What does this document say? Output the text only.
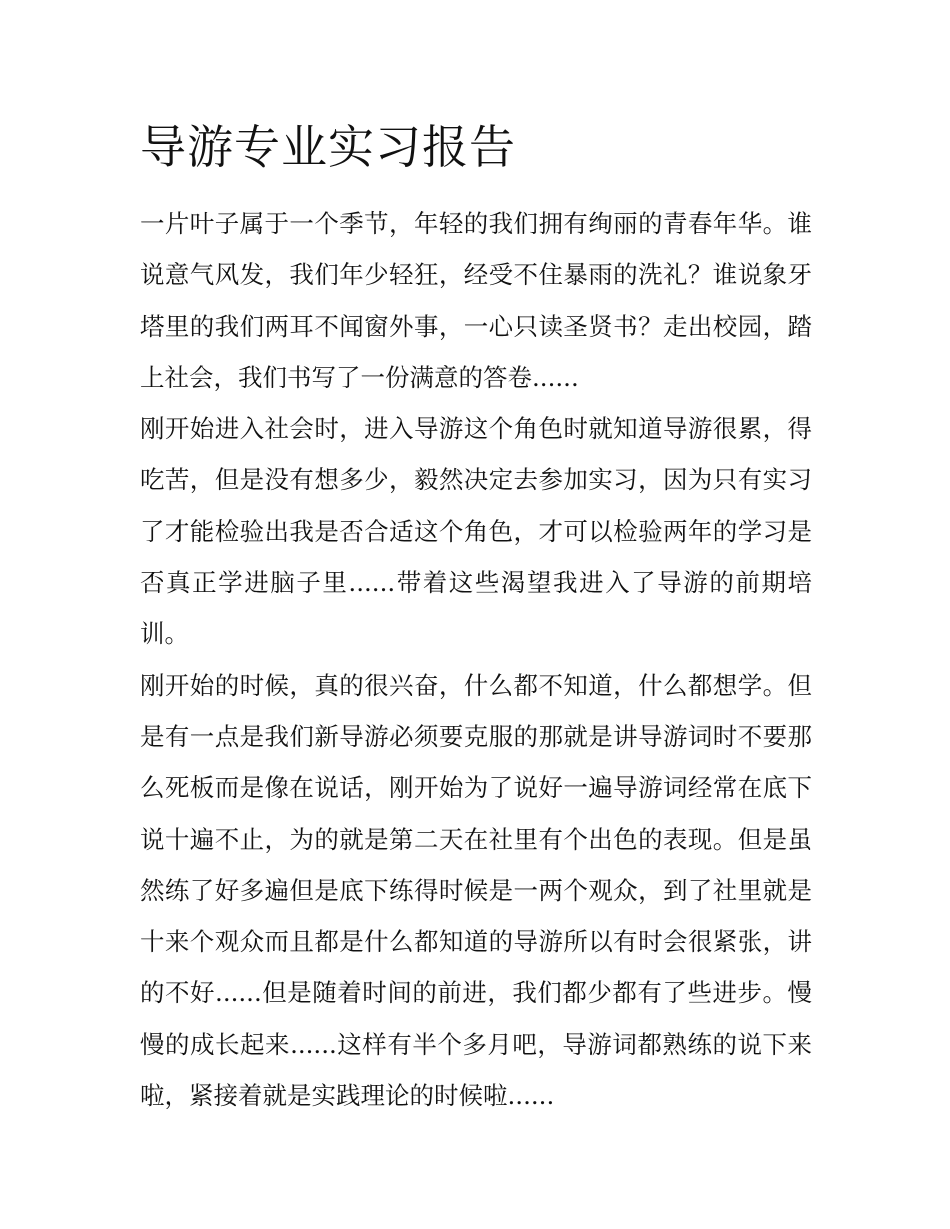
导游专业实习报告

一片叶子属于一个季节，年轻的我们拥有绚丽的青春年华。谁说意气风发，我们年少轻狂，经受不住暴雨的洗礼？谁说象牙塔里的我们两耳不闻窗外事，一心只读圣贤书？走出校园，踏上社会，我们书写了一份满意的答卷......

刚开始进入社会时，进入导游这个角色时就知道导游很累，得吃苦，但是没有想多少，毅然决定去参加实习，因为只有实习了才能检验出我是否合适这个角色，才可以检验两年的学习是否真正学进脑子里......带着这些渴望我进入了导游的前期培训。

刚开始的时候，真的很兴奋，什么都不知道，什么都想学。但是有一点是我们新导游必须要克服的那就是讲导游词时不要那么死板而是像在说话，刚开始为了说好一遍导游词经常在底下说十遍不止，为的就是第二天在社里有个出色的表现。但是虽然练了好多遍但是底下练得时候是一两个观众，到了社里就是十来个观众而且都是什么都知道的导游所以有时会很紧张，讲的不好......但是随着时间的前进，我们都少都有了些进步。慢慢的成长起来......这样有半个多月吧，导游词都熟练的说下来啦，紧接着就是实践理论的时候啦......
